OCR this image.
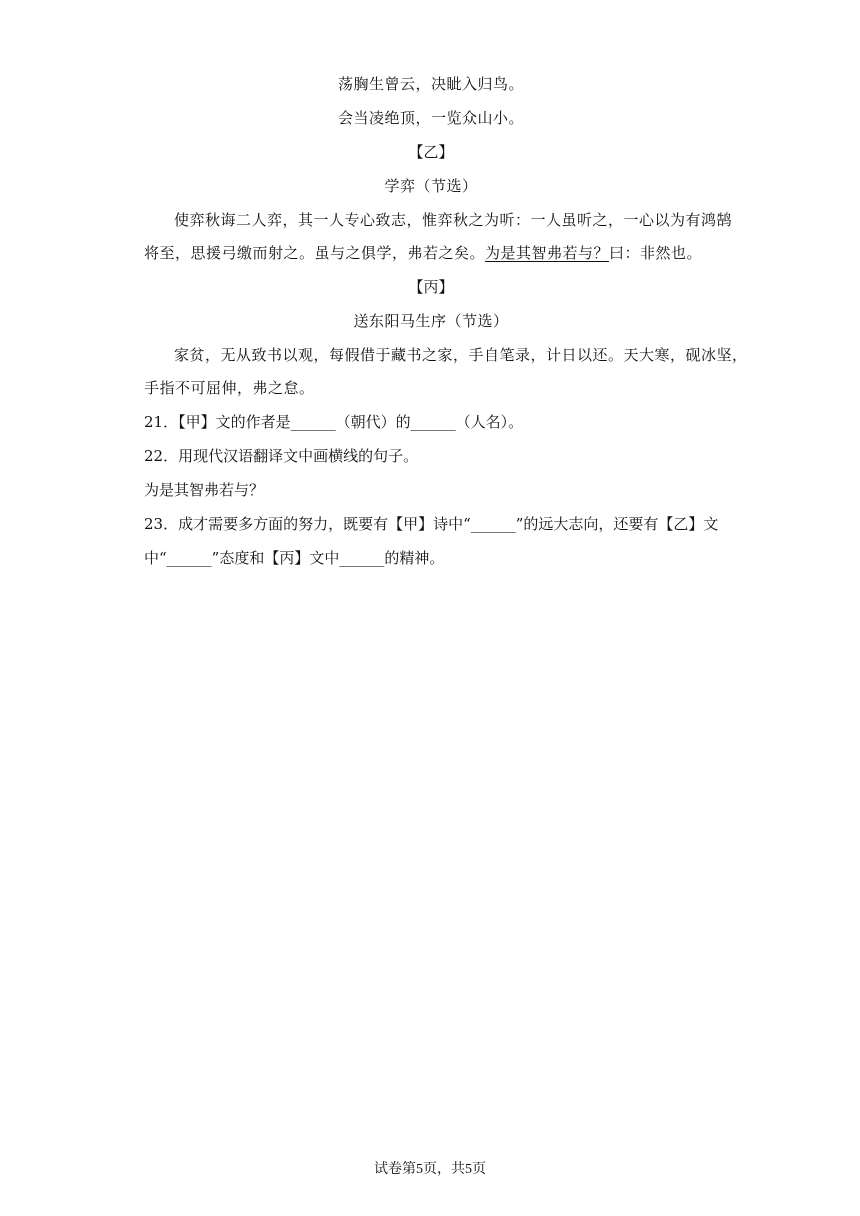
荡胸生曾云，决眦入归鸟。
会当凌绝顶，一览众山小。
【乙】
学弈（节选）
使弈秋诲二人弈，其一人专心致志，惟弈秋之为听：一人虽听之，一心以为有鸿鹄
将至，思援弓缴而射之。虽与之俱学，弗若之矣。为是其智弗若与？曰：非然也。
【丙】
送东阳马生序（节选）
家贫，无从致书以观，每假借于藏书之家，手自笔录，计日以还。天大寒，砚冰坚，
手指不可屈伸，弗之怠。
21．【甲】文的作者是______（朝代）的______（人名）。
22．用现代汉语翻译文中画横线的句子。
为是其智弗若与？
23．成才需要多方面的努力，既要有【甲】诗中“______”的远大志向，还要有【乙】文
中“______”态度和【丙】文中______的精神。
试卷第5页，共5页
